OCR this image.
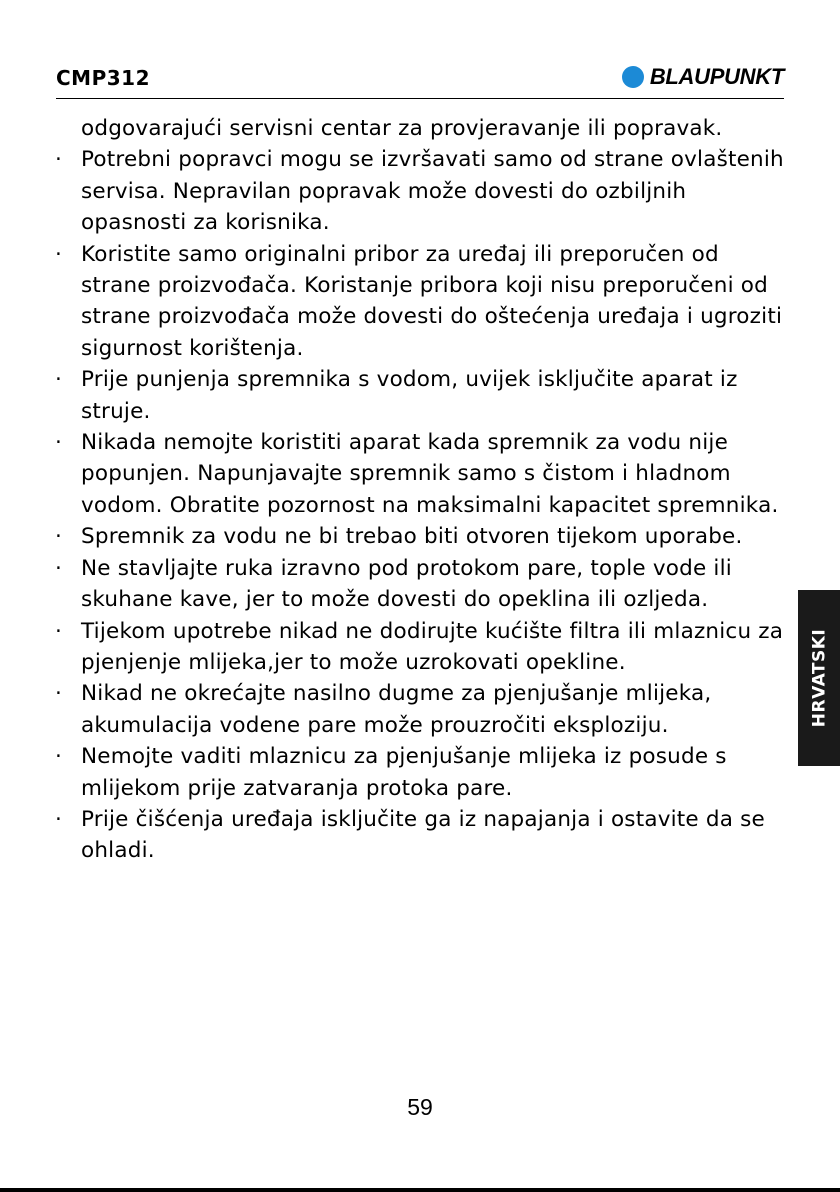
CMP312	BLAUPUNKT
odgovarajući servisni centar za provjeravanje ili popravak.
· Potrebni popravci mogu se izvršavati samo od strane ovlaštenih servisa. Nepravilan popravak može dovesti do ozbiljnih opasnosti za korisnika.
· Koristite samo originalni pribor za uređaj ili preporučen od strane proizvođača. Koristanje pribora koji nisu preporučeni od strane proizvođača može dovesti do oštećenja uređaja i ugroziti sigurnost korištenja.
· Prije punjenja spremnika s vodom, uvijek isključite aparat iz struje.
· Nikada nemojte koristiti aparat kada spremnik za vodu nije popunjen. Napunjavajte spremnik samo s čistom i hladnom vodom. Obratite pozornost na maksimalni kapacitet spremnika.
· Spremnik za vodu ne bi trebao biti otvoren tijekom uporabe.
· Ne stavljajte ruka izravno pod protokom pare, tople vode ili skuhane kave, jer to može dovesti do opeklina ili ozljeda.
· Tijekom upotrebe nikad ne dodirujte kućište filtra ili mlaznicu za pjenjenje mlijeka,jer to može uzrokovati opekline.
· Nikad ne okrećajte nasilno dugme za pjenjušanje mlijeka, akumulacija vodene pare može prouzročiti eksploziju.
· Nemojte vaditi mlaznicu za pjenjušanje mlijeka iz posude s mlijekom prije zatvaranja protoka pare.
· Prije čišćenja uređaja isključite ga iz napajanja i ostavite da se ohladi.
HRVATSKI
59
